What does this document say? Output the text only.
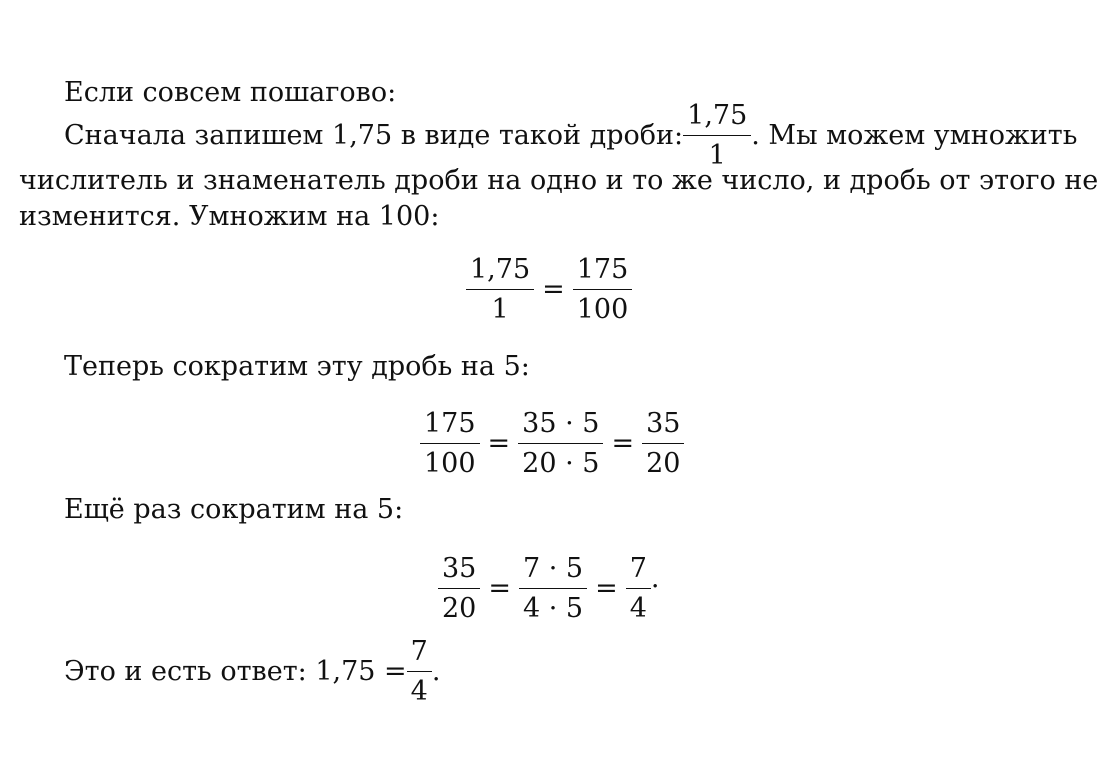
Если совсем пошагово:
Сначала запишем 1,75 в виде такой дроби: $\frac{1,75}{1}$ . Мы можем умножить
числитель и знаменатель дроби на одно и то же число, и дробь от этого не
изменится. Умножим на 100:
$\frac{1,75}{1} = \frac{175}{100}$
Теперь сократим эту дробь на 5:
$\frac{175}{100} = \frac{35 \cdot 5}{20 \cdot 5} = \frac{35}{20}$
Ещё раз сократим на 5:
$\frac{35}{20} = \frac{7 \cdot 5}{4 \cdot 5} = \frac{7}{4}$ .
Это и есть ответ: $1,75 = \frac{7}{4}$ .
